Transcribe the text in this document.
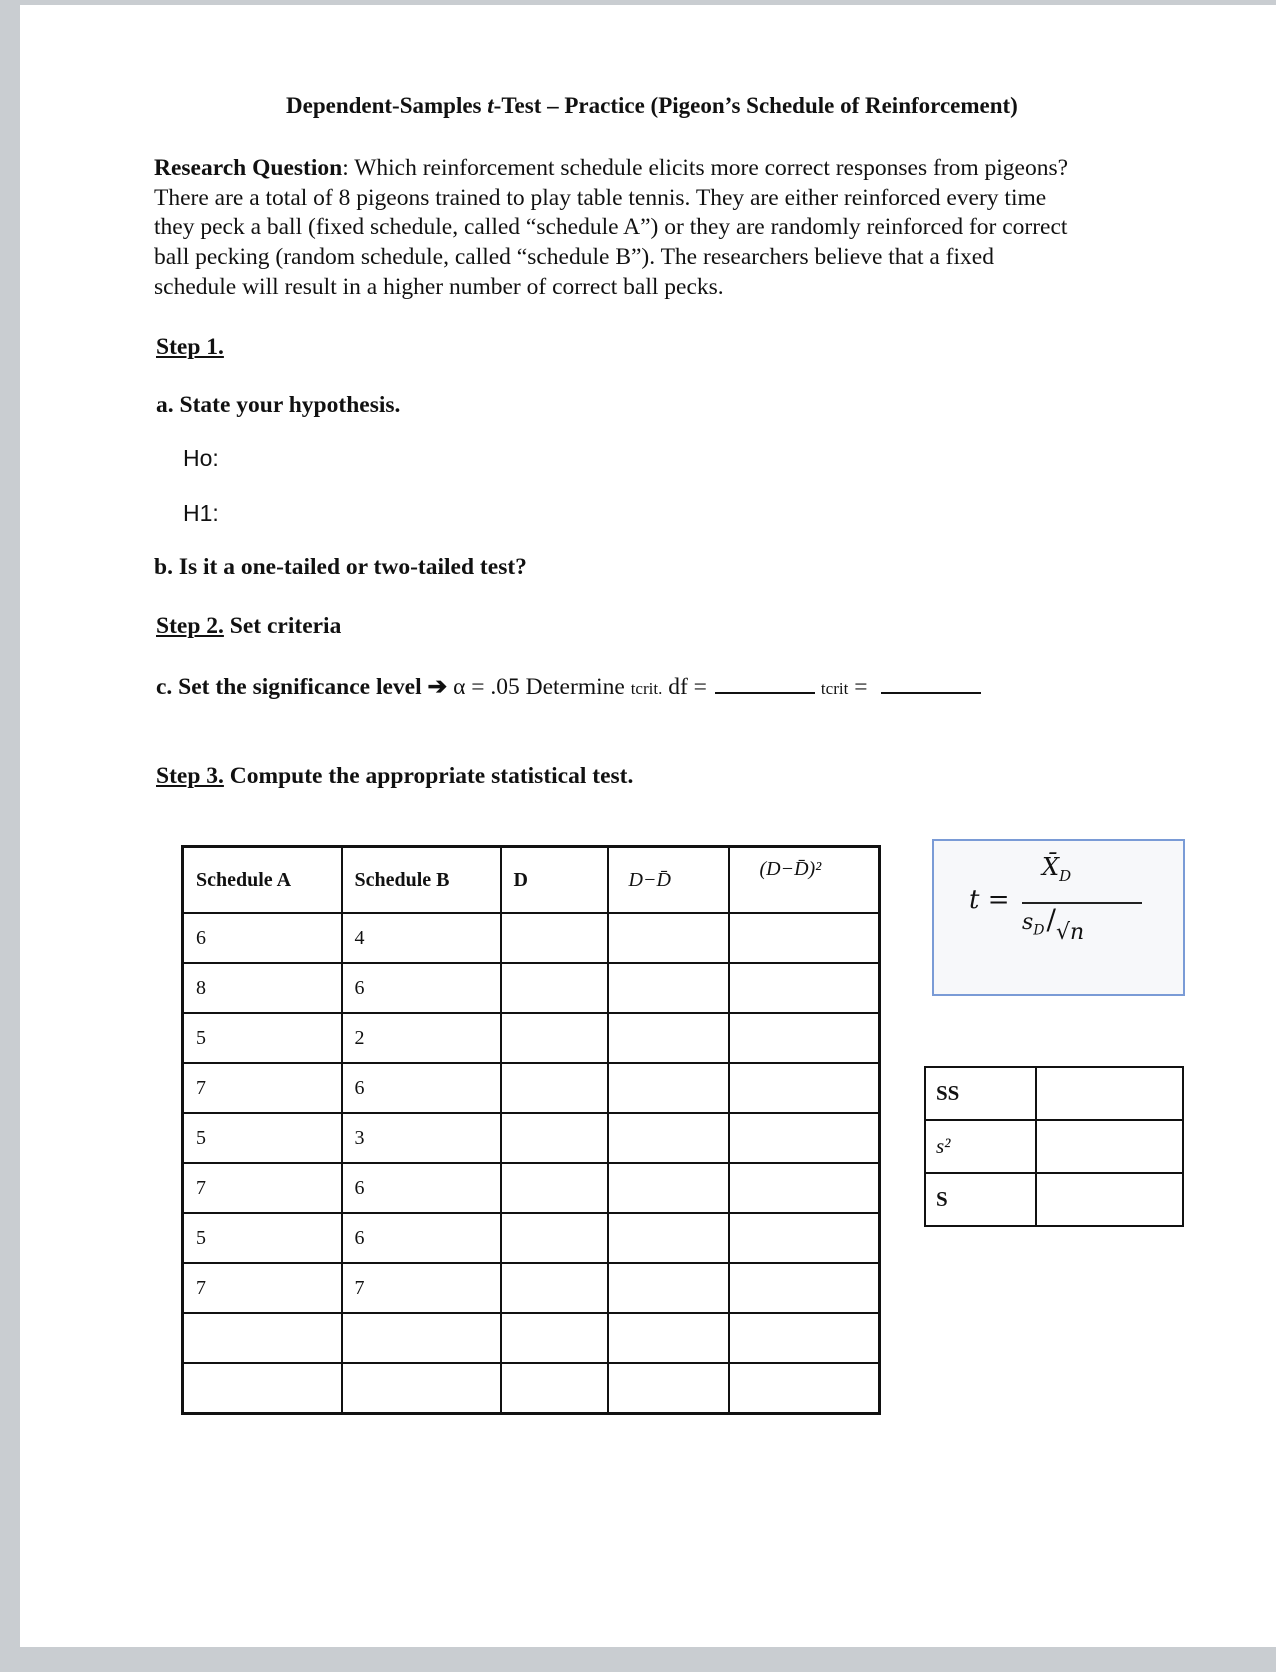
Dependent-Samples t-Test – Practice (Pigeon’s Schedule of Reinforcement)
Research Question: Which reinforcement schedule elicits more correct responses from pigeons?
There are a total of 8 pigeons trained to play table tennis. They are either reinforced every time
they peck a ball (fixed schedule, called “schedule A”) or they are randomly reinforced for correct
ball pecking (random schedule, called “schedule B”). The researchers believe that a fixed
schedule will result in a higher number of correct ball pecks.
Step 1.
a. State your hypothesis.
Ho:
H1:
b. Is it a one-tailed or two-tailed test?
Step 2. Set criteria
c. Set the significance level ➔ α = .05 Determine tcrit. df =	tcrit =
Step 3. Compute the appropriate statistical test.
Schedule A	Schedule B	D	D−D̄	(D−D̄)²
6	4			
8	6			
5	2			
7	6			
5	3			
7	6			
5	6			
7	7			

t =
$X̄_D$
$s_D/√n$
SS	
s²	
S	
